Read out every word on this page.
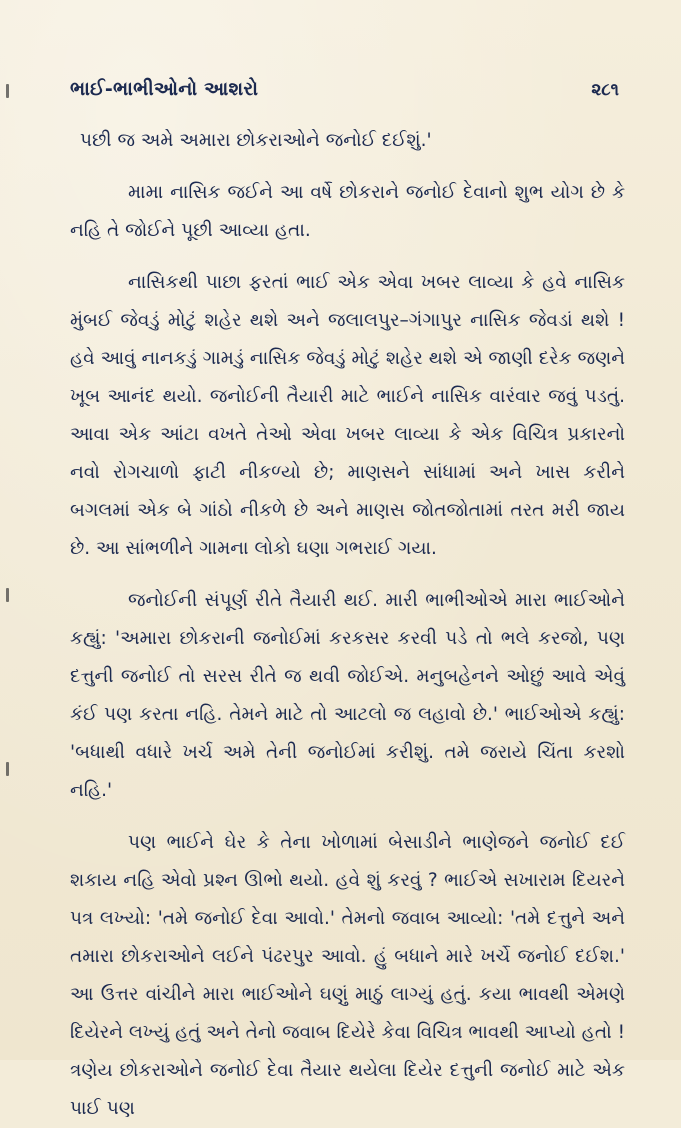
ભાઈ-ભાભીઓનો આશરો	૨૮૧

પછી જ અમે અમારા છોકરાઓને જનોઈ દઈશું.'

મામા નાસિક જઈને આ વર્ષે છોકરાને જનોઈ દેવાનો શુભ યોગ છે કે નહિ તે જોઈને પૂછી આવ્યા હતા.

નાસિકથી પાછા ફરતાં ભાઈ એક એવા ખબર લાવ્યા કે હવે નાસિક મુંબઈ જેવડું મોટું શહેર થશે અને જલાલપુર–ગંગાપુર નાસિક જેવડાં થશે ! હવે આવું નાનકડું ગામડું નાસિક જેવડું મોટું શહેર થશે એ જાણી દરેક જણને ખૂબ આનંદ થયો. જનોઈની તૈયારી માટે ભાઈને નાસિક વારંવાર જવું પડતું. આવા એક આંટા વખતે તેઓ એવા ખબર લાવ્યા કે એક વિચિત્ર પ્રકારનો નવો રોગચાળો ફાટી નીકળ્યો છે; માણસને સાંધામાં અને ખાસ કરીને બગલમાં એક બે ગાંઠો નીકળે છે અને માણસ જોતજોતામાં તરત મરી જાય છે. આ સાંભળીને ગામના લોકો ઘણા ગભરાઈ ગયા.

જનોઈની સંપૂર્ણ રીતે તૈયારી થઈ. મારી ભાભીઓએ મારા ભાઈઓને કહ્યું: 'અમારા છોકરાની જનોઈમાં કરકસર કરવી પડે તો ભલે કરજો, પણ દત્તુની જનોઈ તો સરસ રીતે જ થવી જોઈએ. મનુબહેનને ઓછું આવે એવું કંઈ પણ કરતા નહિ. તેમને માટે તો આટલો જ લહાવો છે.' ભાઈઓએ કહ્યું: 'બધાથી વધારે ખર્ચ અમે તેની જનોઈમાં કરીશું. તમે જરાયે ચિંતા કરશો નહિ.'

પણ ભાઈને ઘેર કે તેના ખોળામાં બેસાડીને ભાણેજને જનોઈ દઈ શકાય નહિ એવો પ્રશ્ન ઊભો થયો. હવે શું કરવું ? ભાઈએ સખારામ દિયરને પત્ર લખ્યો: 'તમે જનોઈ દેવા આવો.' તેમનો જવાબ આવ્યો: 'તમે દત્તુને અને તમારા છોકરાઓને લઈને પંઢરપુર આવો. હું બધાને મારે ખર્ચે જનોઈ દઈશ.' આ ઉત્તર વાંચીને મારા ભાઈઓને ઘણું માઠું લાગ્યું હતું. કયા ભાવથી એમણે દિયેરને લખ્યું હતું અને તેનો જવાબ દિયેરે કેવા વિચિત્ર ભાવથી આપ્યો હતો ! ત્રણેય છોકરાઓને જનોઈ દેવા તૈયાર થયેલા દિયેર દત્તુની જનોઈ માટે એક પાઈ પણ
